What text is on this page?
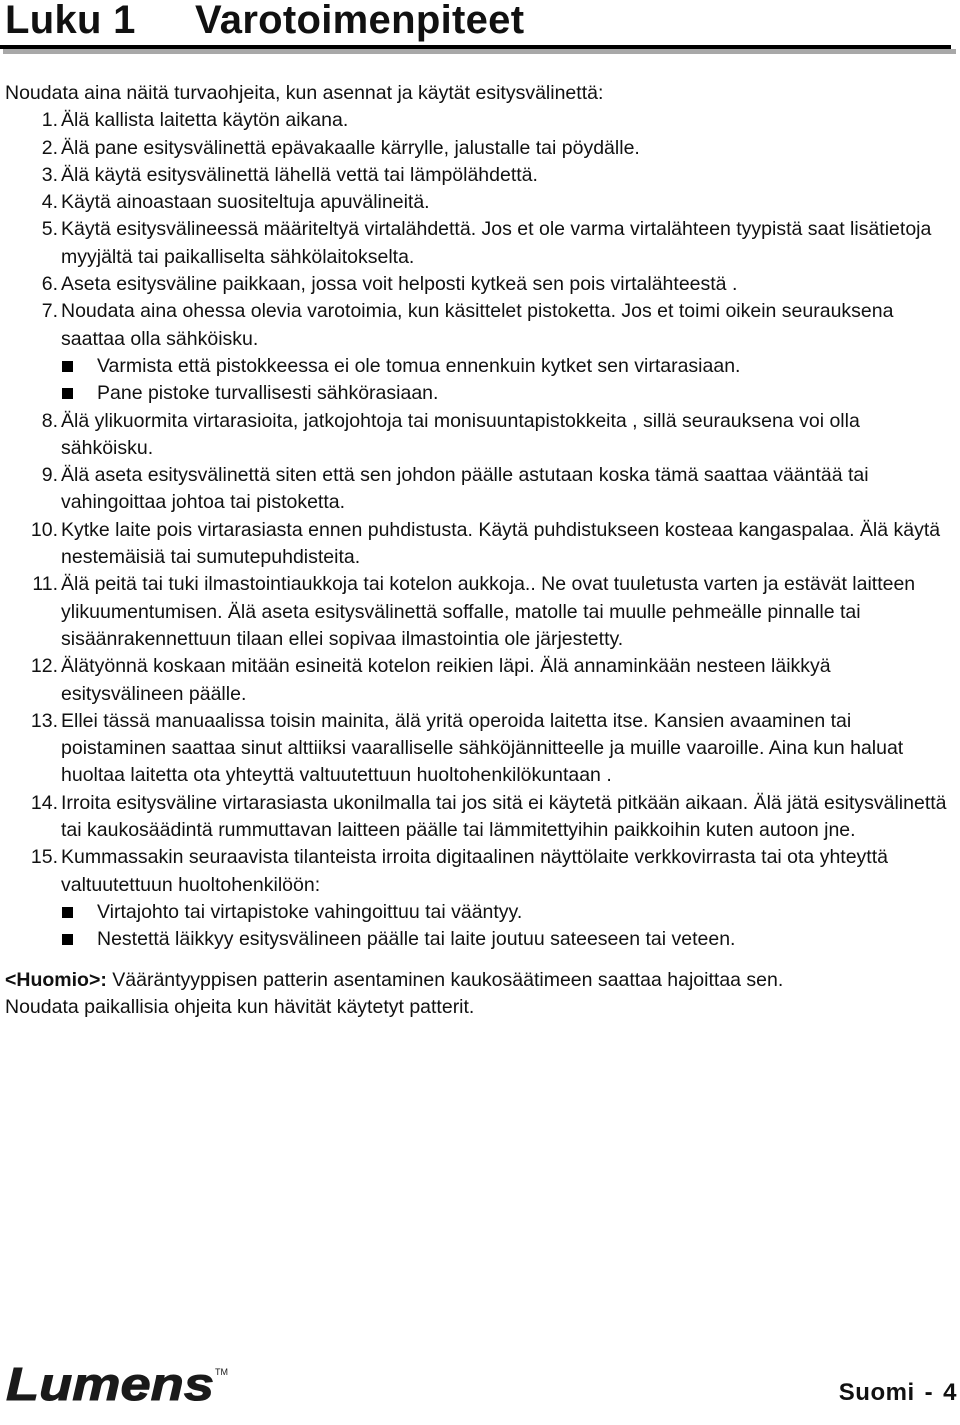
Luku 1 Varotoimenpiteet

Noudata aina näitä turvaohjeita, kun asennat ja käytät esitysvälinettä:

1. Älä kallista laitetta käytön aikana.
2. Älä pane esitysvälinettä epävakaalle kärrylle, jalustalle tai pöydälle.
3. Älä käytä esitysvälinettä lähellä vettä tai lämpölähdettä.
4. Käytä ainoastaan suositeltuja apuvälineitä.
5. Käytä esitysvälineessä määriteltyä virtalähdettä. Jos et ole varma virtalähteen tyypistä saat lisätietoja myyjältä tai paikalliselta sähkölaitokselta.
6. Aseta esitysväline paikkaan, jossa voit helposti kytkeä sen pois virtalähteestä .
7. Noudata aina ohessa olevia varotoimia, kun käsittelet pistoketta. Jos et toimi oikein seurauksena saattaa olla sähköisku.
Varmista että pistokkeessa ei ole tomua ennenkuin kytket sen virtarasiaan.
Pane pistoke turvallisesti sähkörasiaan.
8. Älä ylikuormita virtarasioita, jatkojohtoja tai monisuuntapistokkeita , sillä seurauksena voi olla sähköisku.
9. Älä aseta esitysvälinettä siten että sen johdon päälle astutaan koska tämä saattaa vääntää tai vahingoittaa johtoa tai pistoketta.
10. Kytke laite pois virtarasiasta ennen puhdistusta. Käytä puhdistukseen kosteaa kangaspalaa. Älä käytä nestemäisiä tai sumutepuhdisteita.
11. Älä peitä tai tuki ilmastointiaukkoja tai kotelon aukkoja.. Ne ovat tuuletusta varten ja estävät laitteen ylikuumentumisen. Älä aseta esitysvälinettä soffalle, matolle tai muulle pehmeälle pinnalle tai sisäänrakennettuun tilaan ellei sopivaa ilmastointia ole järjestetty.
12. Älätyönnä koskaan mitään esineitä kotelon reikien läpi. Älä annaminkään nesteen läikkyä esitysvälineen päälle.
13. Ellei tässä manuaalissa toisin mainita, älä yritä operoida laitetta itse. Kansien avaaminen tai poistaminen saattaa sinut alttiiksi vaaralliselle sähköjännitteelle ja muille vaaroille. Aina kun haluat huoltaa laitetta ota yhteyttä valtuutettuun huoltohenkilökuntaan .
14. Irroita esitysväline virtarasiasta ukonilmalla tai jos sitä ei käytetä pitkään aikaan. Älä jätä esitysvälinettä tai kaukosäädintä rummuttavan laitteen päälle tai lämmitettyihin paikkoihin kuten autoon jne.
15. Kummassakin seuraavista tilanteista irroita digitaalinen näyttölaite verkkovirrasta tai ota yhteyttä valtuutettuun huoltohenkilöön:
Virtajohto tai virtapistoke vahingoittuu tai vääntyy.
Nestettä läikkyy esitysvälineen päälle tai laite joutuu sateeseen tai veteen.
<Huomio>: Vääräntyyppisen patterin asentaminen kaukosäätimeen saattaa hajoittaa sen.
Noudata paikallisia ohjeita kun hävität käytetyt patterit.
Lumens TM

Suomi - 4
